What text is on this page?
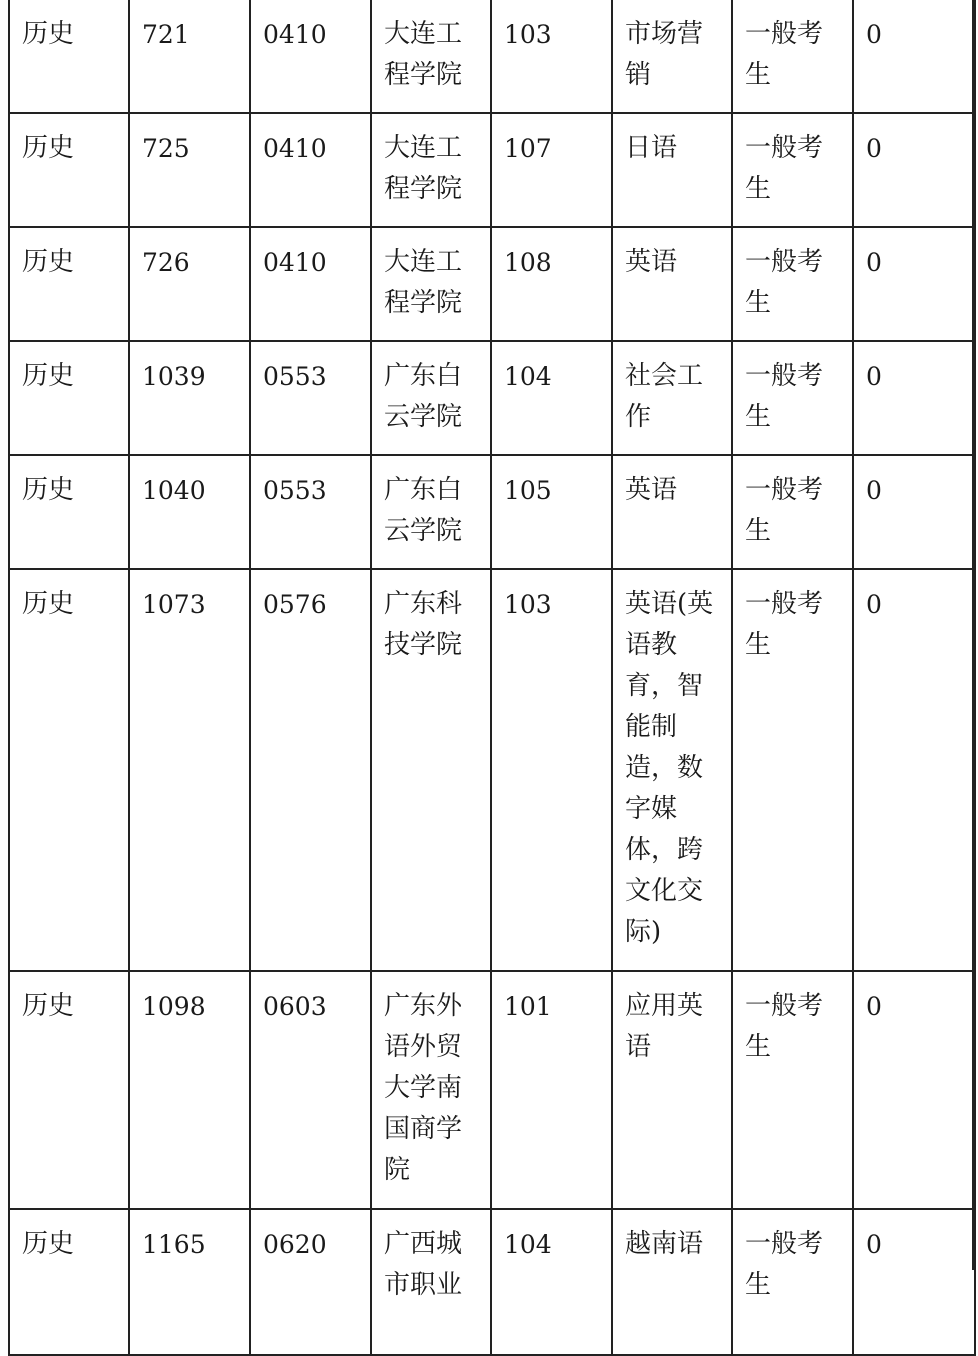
历史	721	0410	大连工程学院	103	市场营销	一般考生	0
历史	725	0410	大连工程学院	107	日语	一般考生	0
历史	726	0410	大连工程学院	108	英语	一般考生	0
历史	1039	0553	广东白云学院	104	社会工作	一般考生	0
历史	1040	0553	广东白云学院	105	英语	一般考生	0
历史	1073	0576	广东科技学院	103	英语(英语教育，智能制造，数字媒体，跨文化交际)	一般考生	0
历史	1098	0603	广东外语外贸大学南国商学院	101	应用英语	一般考生	0
历史	1165	0620	广西城市职业	104	越南语	一般考生	0
